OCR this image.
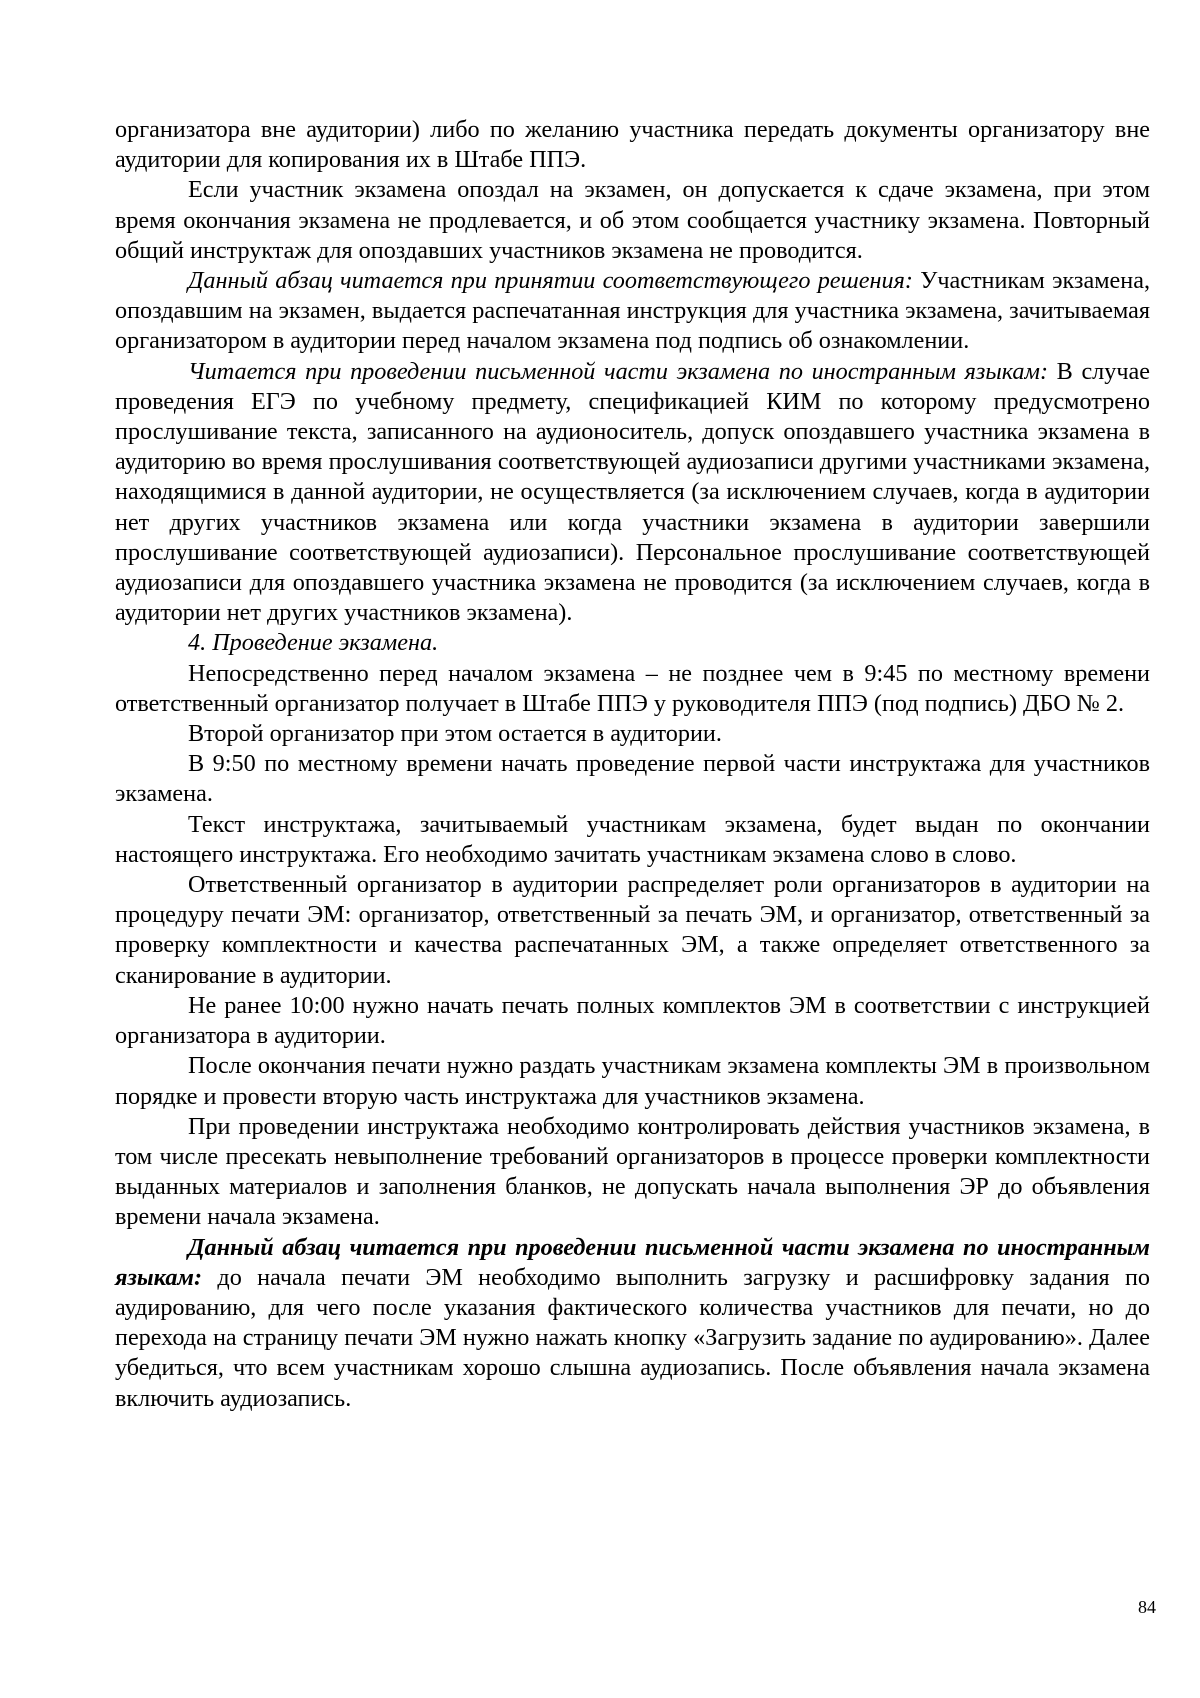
организатора вне аудитории) либо по желанию участника передать документы организатору вне аудитории для копирования их в Штабе ППЭ.

Если участник экзамена опоздал на экзамен, он допускается к сдаче экзамена, при этом время окончания экзамена не продлевается, и об этом сообщается участнику экзамена. Повторный общий инструктаж для опоздавших участников экзамена не проводится.

Данный абзац читается при принятии соответствующего решения: Участникам экзамена, опоздавшим на экзамен, выдается распечатанная инструкция для участника экзамена, зачитываемая организатором в аудитории перед началом экзамена под подпись об ознакомлении.

Читается при проведении письменной части экзамена по иностранным языкам: В случае проведения ЕГЭ по учебному предмету, спецификацией КИМ по которому предусмотрено прослушивание текста, записанного на аудионоситель, допуск опоздавшего участника экзамена в аудиторию во время прослушивания соответствующей аудиозаписи другими участниками экзамена, находящимися в данной аудитории, не осуществляется (за исключением случаев, когда в аудитории нет других участников экзамена или когда участники экзамена в аудитории завершили прослушивание соответствующей аудиозаписи). Персональное прослушивание соответствующей аудиозаписи для опоздавшего участника экзамена не проводится (за исключением случаев, когда в аудитории нет других участников экзамена).

4. Проведение экзамена.

Непосредственно перед началом экзамена – не позднее чем в 9:45 по местному времени ответственный организатор получает в Штабе ППЭ у руководителя ППЭ (под подпись) ДБО № 2.

Второй организатор при этом остается в аудитории.

В 9:50 по местному времени начать проведение первой части инструктажа для участников экзамена.

Текст инструктажа, зачитываемый участникам экзамена, будет выдан по окончании настоящего инструктажа. Его необходимо зачитать участникам экзамена слово в слово.

Ответственный организатор в аудитории распределяет роли организаторов в аудитории на процедуру печати ЭМ: организатор, ответственный за печать ЭМ, и организатор, ответственный за проверку комплектности и качества распечатанных ЭМ, а также определяет ответственного за сканирование в аудитории.

Не ранее 10:00 нужно начать печать полных комплектов ЭМ в соответствии с инструкцией организатора в аудитории.

После окончания печати нужно раздать участникам экзамена комплекты ЭМ в произвольном порядке и провести вторую часть инструктажа для участников экзамена.

При проведении инструктажа необходимо контролировать действия участников экзамена, в том числе пресекать невыполнение требований организаторов в процессе проверки комплектности выданных материалов и заполнения бланков, не допускать начала выполнения ЭР до объявления времени начала экзамена.

Данный абзац читается при проведении письменной части экзамена по иностранным языкам: до начала печати ЭМ необходимо выполнить загрузку и расшифровку задания по аудированию, для чего после указания фактического количества участников для печати, но до перехода на страницу печати ЭМ нужно нажать кнопку «Загрузить задание по аудированию». Далее убедиться, что всем участникам хорошо слышна аудиозапись. После объявления начала экзамена включить аудиозапись.

84
